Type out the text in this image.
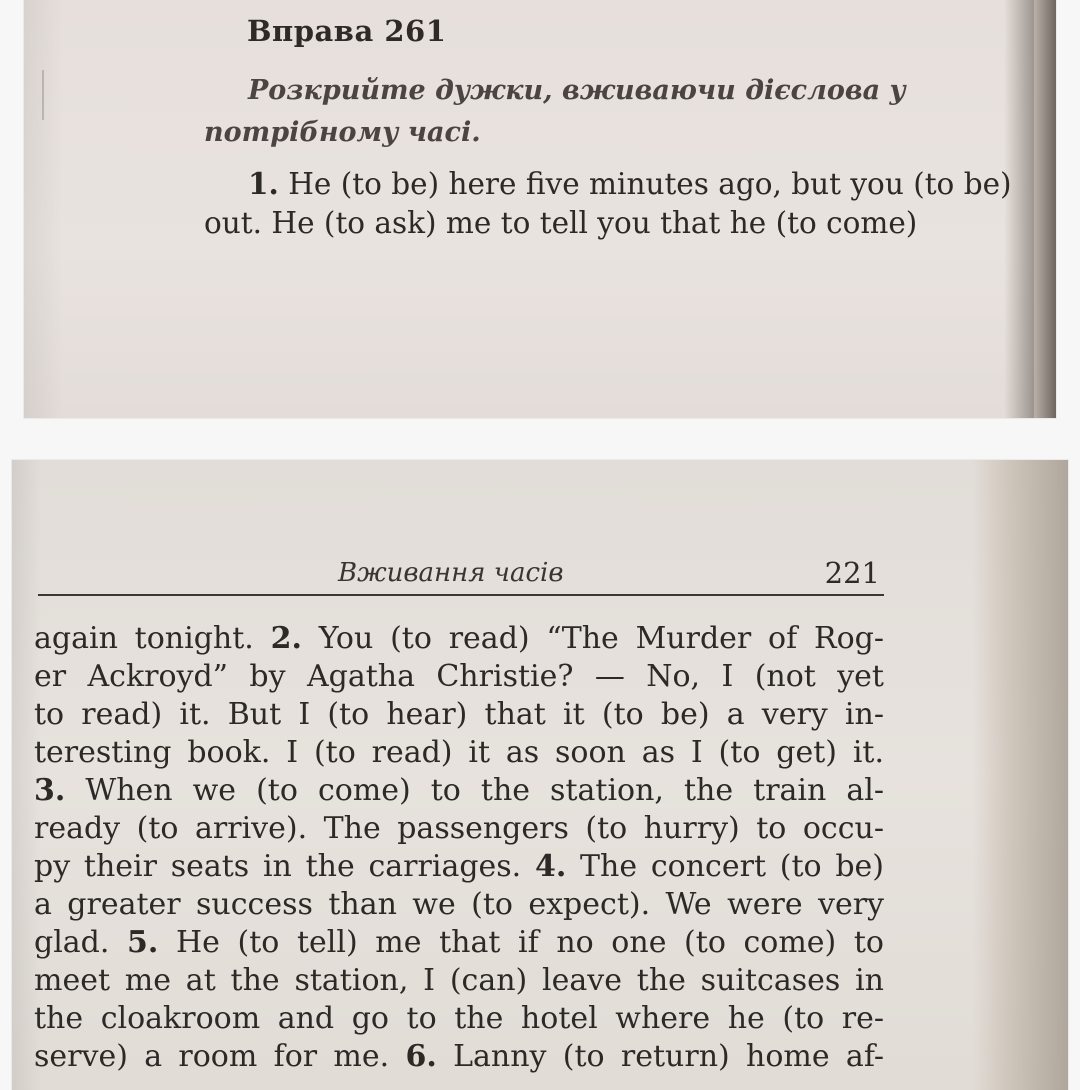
Вправа 261
Розкрийте дужки, вживаючи дієслова у потрібному часі.
1. He (to be) here five minutes ago, but you (to be) out. He (to ask) me to tell you that he (to come)
Вживання часів	221
again tonight. 2. You (to read) “The Murder of Rog-
er Ackroyd” by Agatha Christie? — No, I (not yet
to read) it. But I (to hear) that it (to be) a very in-
teresting book. I (to read) it as soon as I (to get) it.
3. When we (to come) to the station, the train al-
ready (to arrive). The passengers (to hurry) to occu-
py their seats in the carriages. 4. The concert (to be)
a greater success than we (to expect). We were very
glad. 5. He (to tell) me that if no one (to come) to
meet me at the station, I (can) leave the suitcases in
the cloakroom and go to the hotel where he (to re-
serve) a room for me. 6. Lanny (to return) home af-
